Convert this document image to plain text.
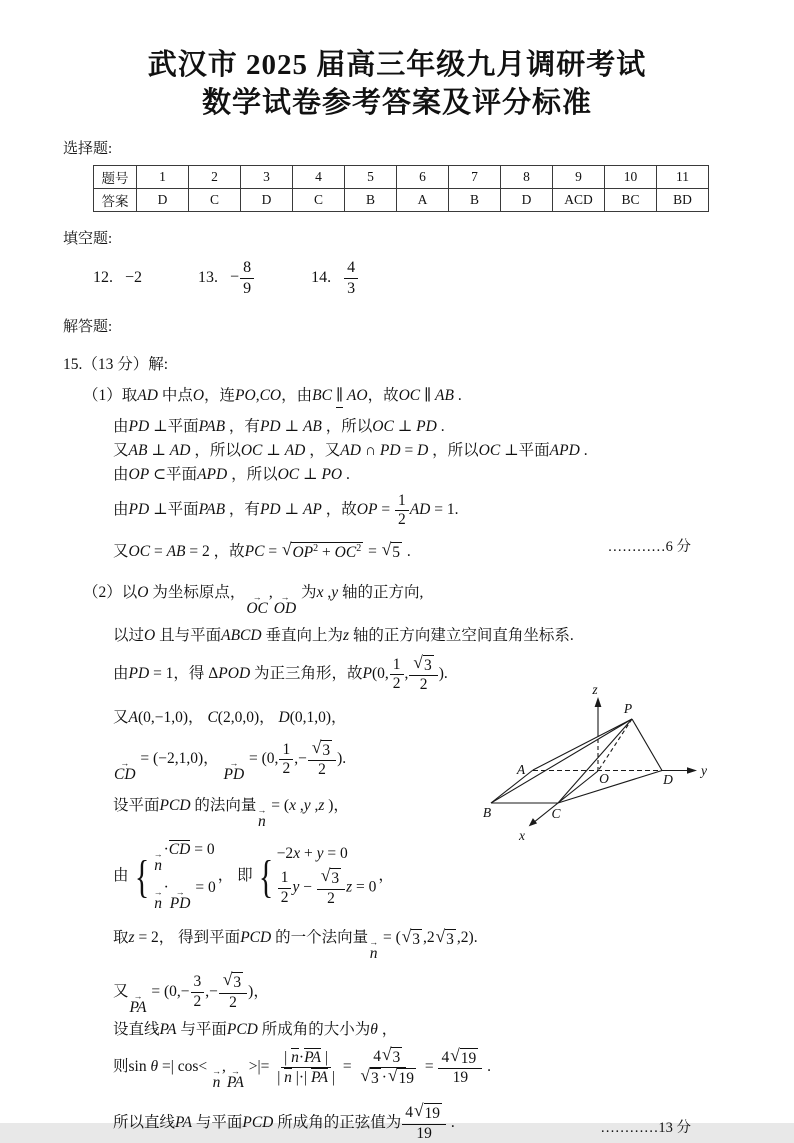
武汉市 2025 届高三年级九月调研考试
数学试卷参考答案及评分标准
选择题:
题号	1	2	3	4	5	6	7	8	9	10	11
答案	D	C	D	C	B	A	B	D	ACD	BC	BD
填空题:
12. −2	13. − $\frac{8}{9}$	14. $\frac{4}{3}$
解答题:
15.（13 分）解:
（1）取AD 中点O，连PO,CO，由BC ∥ AO，故OC ∥ AB .
由PD ⊥平面PAB ，有PD ⊥ AB ，所以OC ⊥ PD .
又AB ⊥ AD ，所以OC ⊥ AD ，又AD ∩ PD = D ，所以OC ⊥平面APD .
由OP ⊂平面APD ，所以OC ⊥ PO .
由PD ⊥平面PAB ，有PD ⊥ AP ，故OP = $\frac{1}{2}$ AD = 1.
又OC = AB = 2 ，故PC = √ $OP^2 + OC^2$ = √ 5 .	…………6 分
（2）以O 为坐标原点， →
OC
, →
OD
为x ,y 轴的正方向,
以过O 且与平面ABCD 垂直向上为z 轴的正方向建立空间直角坐标系.
由PD = 1，得 ΔPOD 为正三角形，故P(0, $\frac{1}{2}$ , $\frac{√ 3}{2}$ ).
又A(0,−1,0)， C(2,0,0)， D(0,1,0)，
→
CD
= (−2,1,0)， →
PD
= (0, $\frac{1}{2}$ ,− $\frac{√ 3}{2}$ ).
设平面PCD 的法向量 →
n
= (x ,y ,z )，
由 { →
n
·CD = 0
→
n
· →
PD
= 0
， 即 { −2x + y = 0
$\frac{1}{2}$ $y - \frac{√ 3}{2}$ z = 0
，
取z = 2， 得到平面PCD 的一个法向量 →
n
= ( √ 3 ,2 √ 3 ,2).
又 →
PA
= ($0,- \frac{3}{2}$ ,− $\frac{√ 3}{2}$ )，
设直线PA 与平面PCD 所成角的大小为θ ，
则sin θ =| cos< →
n
, →
PA
>|= $\frac{| n\cdot PA |}{| n |\cdot| PA |} = \frac{4 √ 3}{√ 3 \cdot √ 19} = \frac{4 √ 19}{19}$ .
所以直线PA 与平面PCD 所成角的正弦值为 $\frac{4 √ 19}{19}$ .	…………13 分
z
y
x
P
A
B	C
D
O
